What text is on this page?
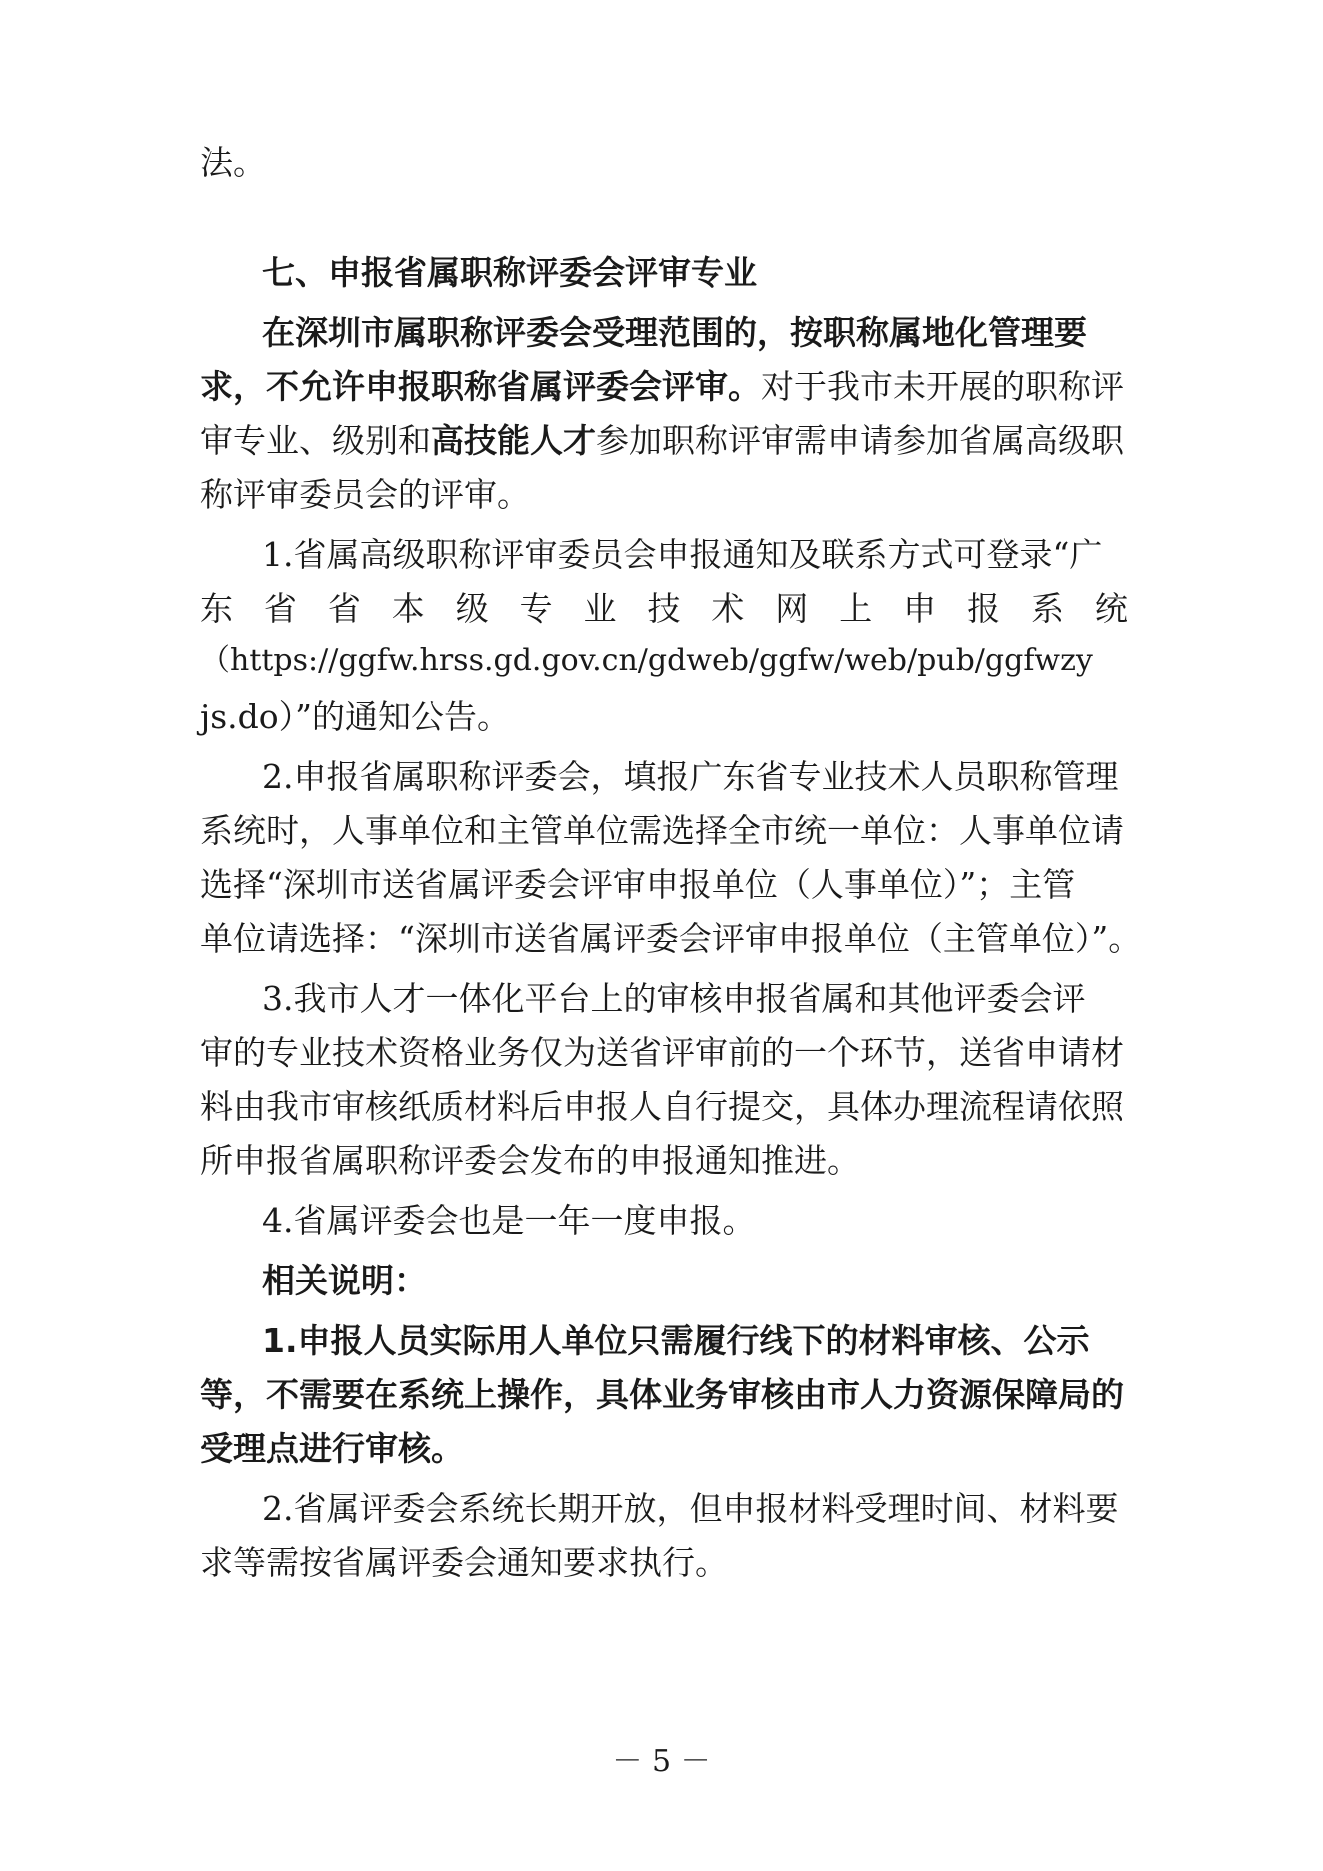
法。
七、申报省属职称评委会评审专业
在深圳市属职称评委会受理范围的，按职称属地化管理要
求，不允许申报职称省属评委会评审。对于我市未开展的职称评
审专业、级别和高技能人才参加职称评审需申请参加省属高级职
称评审委员会的评审。
1.省属高级职称评审委员会申报通知及联系方式可登录“广
东 省 省 本 级 专 业 技 术 网 上 申 报 系 统
（https://ggfw.hrss.gd.gov.cn/gdweb/ggfw/web/pub/ggfwzy
js.do）”的通知公告。
2.申报省属职称评委会，填报广东省专业技术人员职称管理
系统时，人事单位和主管单位需选择全市统一单位：人事单位请
选择“深圳市送省属评委会评审申报单位（人事单位）”；主管
单位请选择：“深圳市送省属评委会评审申报单位（主管单位）”。
3.我市人才一体化平台上的审核申报省属和其他评委会评
审的专业技术资格业务仅为送省评审前的一个环节，送省申请材
料由我市审核纸质材料后申报人自行提交，具体办理流程请依照
所申报省属职称评委会发布的申报通知推进。
4.省属评委会也是一年一度申报。
相关说明：
1.申报人员实际用人单位只需履行线下的材料审核、公示
等，不需要在系统上操作，具体业务审核由市人力资源保障局的
受理点进行审核。
2.省属评委会系统长期开放，但申报材料受理时间、材料要
求等需按省属评委会通知要求执行。
－ 5 －
